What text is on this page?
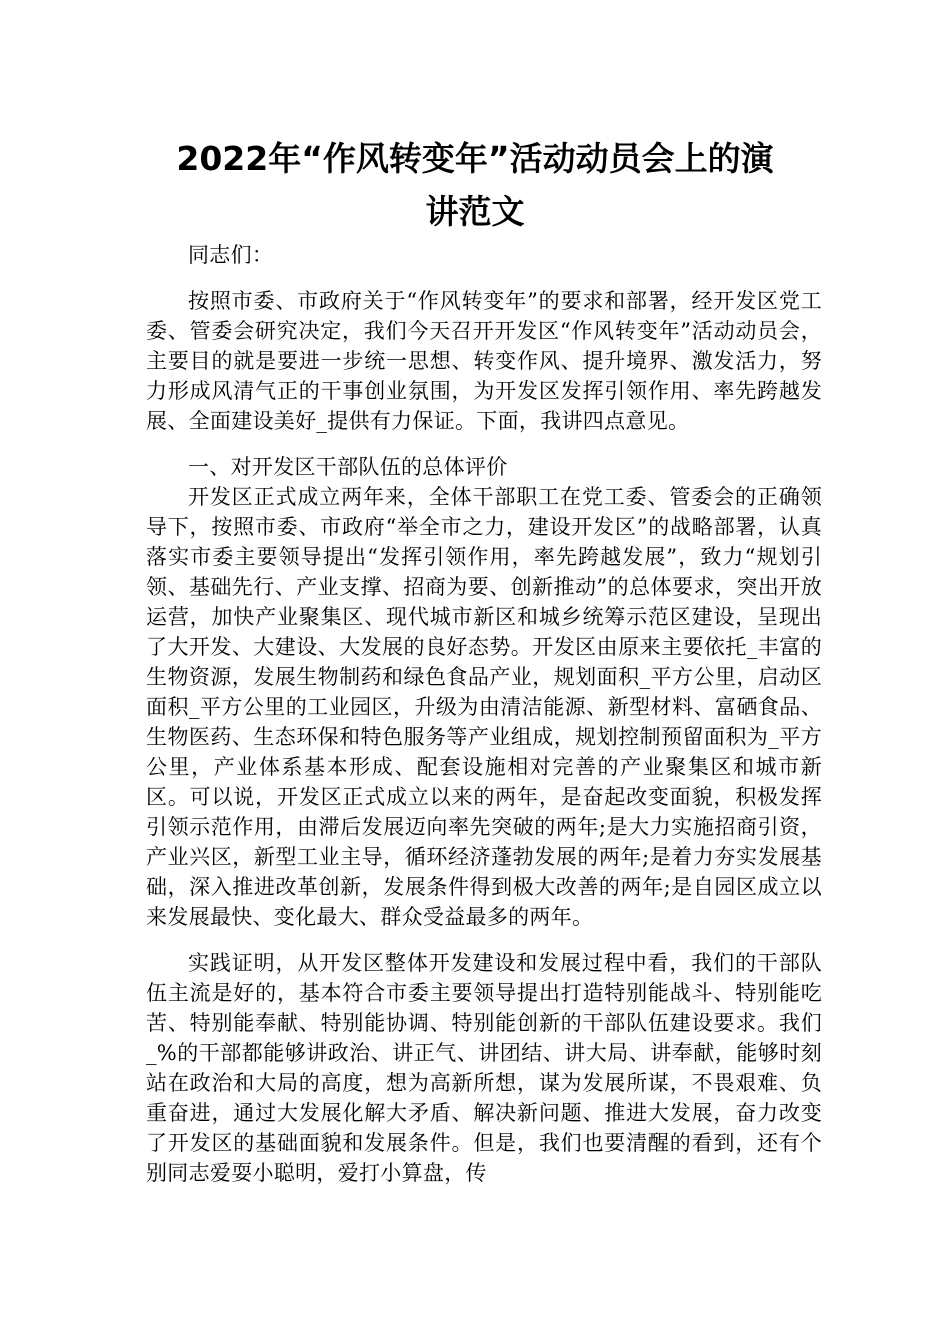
2022年“作风转变年”活动动员会上的演
讲范文

同志们：

按照市委、市政府关于“作风转变年”的要求和部署，经开发区党工委、管委会研究决定，我们今天召开开发区“作风转变年”活动动员会，主要目的就是要进一步统一思想、转变作风、提升境界、激发活力，努力形成风清气正的干事创业氛围，为开发区发挥引领作用、率先跨越发展、全面建设美好_提供有力保证。下面，我讲四点意见。

一、对开发区干部队伍的总体评价

开发区正式成立两年来，全体干部职工在党工委、管委会的正确领导下，按照市委、市政府“举全市之力，建设开发区”的战略部署，认真落实市委主要领导提出“发挥引领作用，率先跨越发展”，致力“规划引领、基础先行、产业支撑、招商为要、创新推动”的总体要求，突出开放运营，加快产业聚集区、现代城市新区和城乡统筹示范区建设，呈现出了大开发、大建设、大发展的良好态势。开发区由原来主要依托_丰富的生物资源，发展生物制药和绿色食品产业，规划面积_平方公里，启动区面积_平方公里的工业园区，升级为由清洁能源、新型材料、富硒食品、生物医药、生态环保和特色服务等产业组成，规划控制预留面积为_平方公里，产业体系基本形成、配套设施相对完善的产业聚集区和城市新区。可以说，开发区正式成立以来的两年，是奋起改变面貌，积极发挥引领示范作用，由滞后发展迈向率先突破的两年;是大力实施招商引资，产业兴区，新型工业主导，循环经济蓬勃发展的两年;是着力夯实发展基础，深入推进改革创新，发展条件得到极大改善的两年;是自园区成立以来发展最快、变化最大、群众受益最多的两年。

实践证明，从开发区整体开发建设和发展过程中看，我们的干部队伍主流是好的，基本符合市委主要领导提出打造特别能战斗、特别能吃苦、特别能奉献、特别能协调、特别能创新的干部队伍建设要求。我们_%的干部都能够讲政治、讲正气、讲团结、讲大局、讲奉献，能够时刻站在政治和大局的高度，想为高新所想，谋为发展所谋，不畏艰难、负重奋进，通过大发展化解大矛盾、解决新问题、推进大发展，奋力改变了开发区的基础面貌和发展条件。但是，我们也要清醒的看到，还有个别同志爱耍小聪明，爱打小算盘，传
